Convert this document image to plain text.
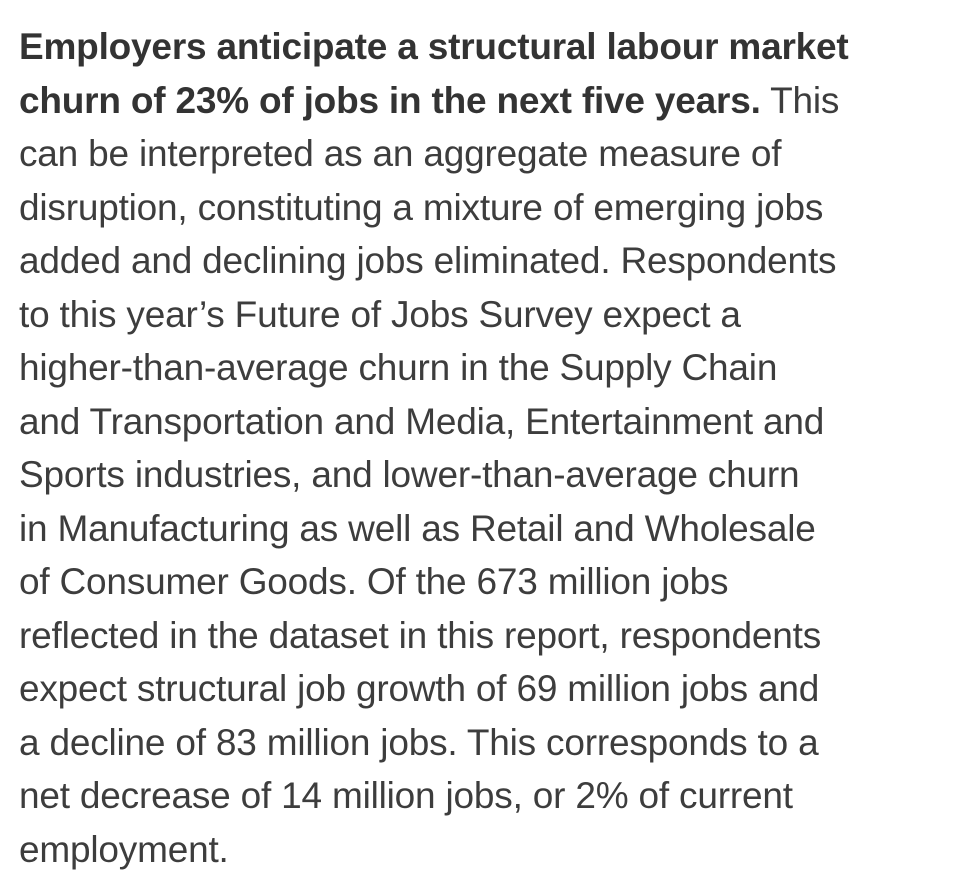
Employers anticipate a structural labour market
churn of 23% of jobs in the next five years. This
can be interpreted as an aggregate measure of
disruption, constituting a mixture of emerging jobs
added and declining jobs eliminated. Respondents
to this year’s Future of Jobs Survey expect a
higher-than-average churn in the Supply Chain
and Transportation and Media, Entertainment and
Sports industries, and lower-than-average churn
in Manufacturing as well as Retail and Wholesale
of Consumer Goods. Of the 673 million jobs
reflected in the dataset in this report, respondents
expect structural job growth of 69 million jobs and
a decline of 83 million jobs. This corresponds to a
net decrease of 14 million jobs, or 2% of current
employment.
